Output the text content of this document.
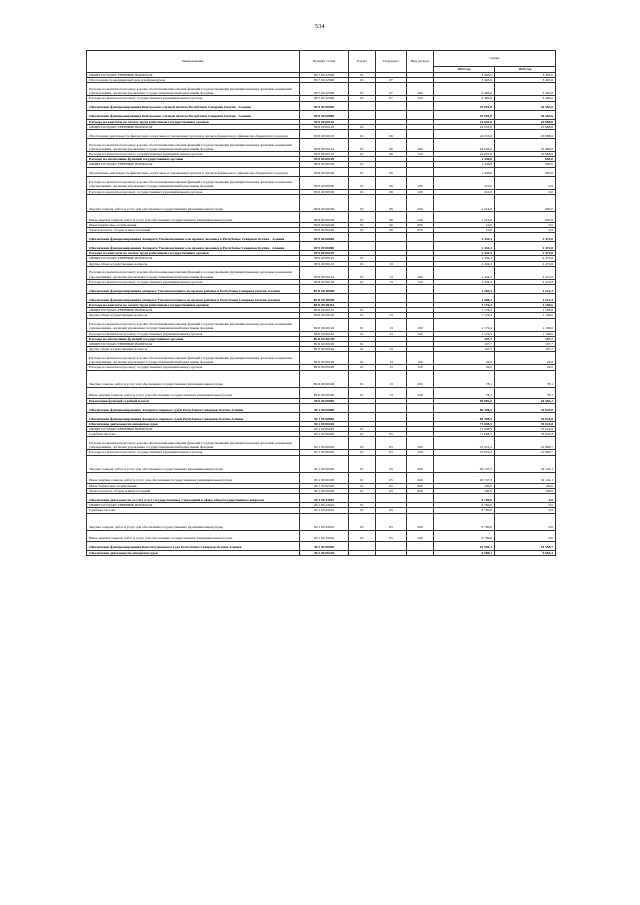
534
Наименование	Целевая статья	Раздел	Подраздел	Вид расхода	Сумма	
					2024 год	2025 год
ОБЩЕГОСУДАРСТВЕННЫЕ ВОПРОСЫ	89 7 00 22560	01			3 465,6	3 465,6
Обеспечение проведения выборов и референдумов	89 7 00 22560	01	07		3 465,6	3 465,6
Расходы на выплаты персоналу в целях обеспечения выполнения функций государственными (муниципальными) органами, казенными учреждениями, органами управления государственными внебюджетными фондами	89 7 00 22560	01	07	100	3 465,6	3 465,6
Расходы на выплаты персоналу государственных (муниципальных) органов	89 7 00 22560	01	07	120	3 465,6	3 465,6
Обеспечение функционирования Контрольно-счетной палаты Республики Северная Осетия - Алания	89 8 00 00000				25 091,8	26 563,6
Обеспечение функционирования Контрольно-счетной палаты Республики Северная Осетия - Алания	89 8 00 00000				25 091,8	26 563,6
Расходы на выплаты по оплате труда работников государственных органов	89 8 00 00110				24 655,0	25 868,6
ОБЩЕГОСУДАРСТВЕННЫЕ ВОПРОСЫ	89 8 00 00110	01			24 655,0	25 868,6
Обеспечение деятельности финансовых, налоговых и таможенных органов и органов финансового (финансово-бюджетного) надзора	89 8 00 00110	01	06		24 655,0	25 868,6
Расходы на выплаты персоналу в целях обеспечения выполнения функций государственными (муниципальными) органами, казенными учреждениями, органами управления государственными внебюджетными фондами	89 8 00 00110	01	06	100	24 655,0	25 868,6
Расходы на выплаты персоналу государственных (муниципальных) органов	89 8 00 00110	01	06	120	24 655,0	25 868,6
Расходы на обеспечение функций государственных органов	89 8 00 00190				1 436,8	695,0
ОБЩЕГОСУДАРСТВЕННЫЕ ВОПРОСЫ	89 8 00 00190	01			1 436,8	695,0
Обеспечение деятельности финансовых, налоговых и таможенных органов и органов финансового (финансово-бюджетного) надзора	89 8 00 00190	01	06		1 436,8	695,0
Расходы на выплаты персоналу в целях обеспечения выполнения функций государственными (муниципальными) органами, казенными учреждениями, органами управления государственными внебюджетными фондами	89 8 00 00190	01	06	100	210,0	0,0
Расходы на выплаты персоналу государственных (муниципальных) органов	89 8 00 00190	01	06	120	210,0	0,0
Закупка товаров, работ и услуг для обеспечения государственных (муниципальных) нужд	89 8 00 00190	01	06	200	1 216,8	695,0
Иные закупки товаров, работ и услуг для обеспечения государственных (муниципальных) нужд	89 8 00 00190	01	06	240	1 216,8	695,0
Иные бюджетные ассигнования	89 8 00 00190	01	06	800	10,0	0,0
Уплата налогов, сборов и иных платежей	89 8 00 00190	01	06	850	10,0	0,0
Обеспечение функционирования Аппарата Уполномоченного по правам человека в Республике Северная Осетия - Алания	89 9 00 00000				2 434,3	2 472,8
Обеспечение функционирования Аппарата Уполномоченного по правам человека в Республике Северная Осетия - Алания	89 9 00 00000				2 434,3	2 472,8
Расходы на выплаты по оплате труда работников государственных органов	89 9 00 00110				2 434,3	2 472,8
ОБЩЕГОСУДАРСТВЕННЫЕ ВОПРОСЫ	89 9 00 00110	01			2 434,3	2 472,8
Другие общегосударственные вопросы	89 9 00 00110	01	13		2 434,3	2 472,8
Расходы на выплаты персоналу в целях обеспечения выполнения функций государственными (муниципальными) органами, казенными учреждениями, органами управления государственными внебюджетными фондами	89 9 00 00110	01	13	100	2 434,3	2 472,8
Расходы на выплаты персоналу государственных (муниципальных) органов	89 9 00 00110	01	13	120	2 434,3	2 472,8
Обеспечение функционирования аппарата Уполномоченного по правам ребенка в Республике Северная Осетия-Алания	89 Б 00 00000				1 284,1	1 214,3
Обеспечение функционирования аппарата Уполномоченного по правам ребенка в Республике Северная Осетия-Алания	89 Б 00 00000				1 284,1	1 214,3
Расходы на выплаты по оплате труда работников государственных органов	89 Б 00 00110				1 176,4	1 106,6
ОБЩЕГОСУДАРСТВЕННЫЕ ВОПРОСЫ	89 Б 00 00110	01			1 176,4	1 106,6
Другие общегосударственные вопросы	89 Б 00 00110	01	13		1 176,4	1 106,6
Расходы на выплаты персоналу в целях обеспечения выполнения функций государственными (муниципальными) органами, казенными учреждениями, органами управления государственными внебюджетными фондами	89 Б 00 00110	01	13	100	1 176,4	1 106,6
Расходы на выплаты персоналу государственных (муниципальных) органов	89 Б 00 00110	01	13	120	1 176,4	1 106,6
Расходы на обеспечение функций государственных органов	89 Б 00 00190				107,7	107,7
ОБЩЕГОСУДАРСТВЕННЫЕ ВОПРОСЫ	89 Б 00 00190	01			107,7	107,7
Другие общегосударственные вопросы	89 Б 00 00190	01	13		107,7	107,7
Расходы на выплаты персоналу в целях обеспечения выполнения функций государственными (муниципальными) органами, казенными учреждениями, органами управления государственными внебюджетными фондами	89 Б 00 00190	01	13	100	29,6	29,6
Расходы на выплаты персоналу государственных (муниципальных) органов	89 Б 00 00190	01	13	120	29,6	29,6
Закупка товаров, работ и услуг для обеспечения государственных (муниципальных) нужд	89 Б 00 00190	01	13	200	78,1	78,1
Иные закупки товаров, работ и услуг для обеспечения государственных (муниципальных) нужд	89 Б 00 00190	01	13	240	78,1	78,1
Реализация функций судебной власти	90 0 00 00000				99 983,6	94 583,2
Обеспечение функционирования Аппарата мировых судей Республики Северная Осетия-Алания	90 1 00 00000				80 398,5	76 024,8
Обеспечение функционирования Аппарата мировых судей Республики Северная Осетия-Алания	90 1 00 00000				80 398,5	76 024,8
Обеспечение деятельности аппаратов судов	90 1 00 00220				71 698,5	76 024,8
ОБЩЕГОСУДАРСТВЕННЫЕ ВОПРОСЫ	90 1 00 00220	01			71 698,5	76 024,8
Судебная система	90 1 00 00220	01	05		71 698,5	76 024,8
Расходы на выплаты персоналу в целях обеспечения выполнения функций государственными (муниципальными) органами, казенными учреждениями, органами управления государственными внебюджетными фондами	90 1 00 00220	01	05	100	41 851,2	41 800,7
Расходы на выплаты персоналу государственных (муниципальных) органов	90 1 00 00220	01	05	120	41 851,2	41 800,7
Закупка товаров, работ и услуг для обеспечения государственных (муниципальных) нужд	90 1 00 00220	01	05	200	29 747,3	34 124,1
Иные закупки товаров, работ и услуг для обеспечения государственных (муниципальных) нужд	90 1 00 00220	01	05	240	29 747,3	34 124,1
Иные бюджетные ассигнования	90 1 00 00220	01	05	800	100,0	100,0
Уплата налогов, сборов и иных платежей	90 1 00 00220	01	05	850	100,0	100,0
Обеспечение деятельности за счет услуг государственных учреждений в сфере общегосударственных вопросов	90 1 00 43010				8 700,0	0,0
ОБЩЕГОСУДАРСТВЕННЫЕ ВОПРОСЫ	90 1 00 43010	01			8 700,0	0,0
Судебная система	90 1 00 43010	01	05		8 700,0	0,0
Закупка товаров, работ и услуг для обеспечения государственных (муниципальных) нужд	90 1 00 43010	01	05	200	8 700,0	0,0
Иные закупки товаров, работ и услуг для обеспечения государственных (муниципальных) нужд	90 1 00 43010	01	05	240	8 700,0	0,0
Обеспечение функционирования Конституционного Суда Республики Северная Осетия-Алания	90 2 00 00000				19 584,1	18 558,7
Обеспечение деятельности аппаратов судов	90 2 00 00220				9 580,1	9 064,3
